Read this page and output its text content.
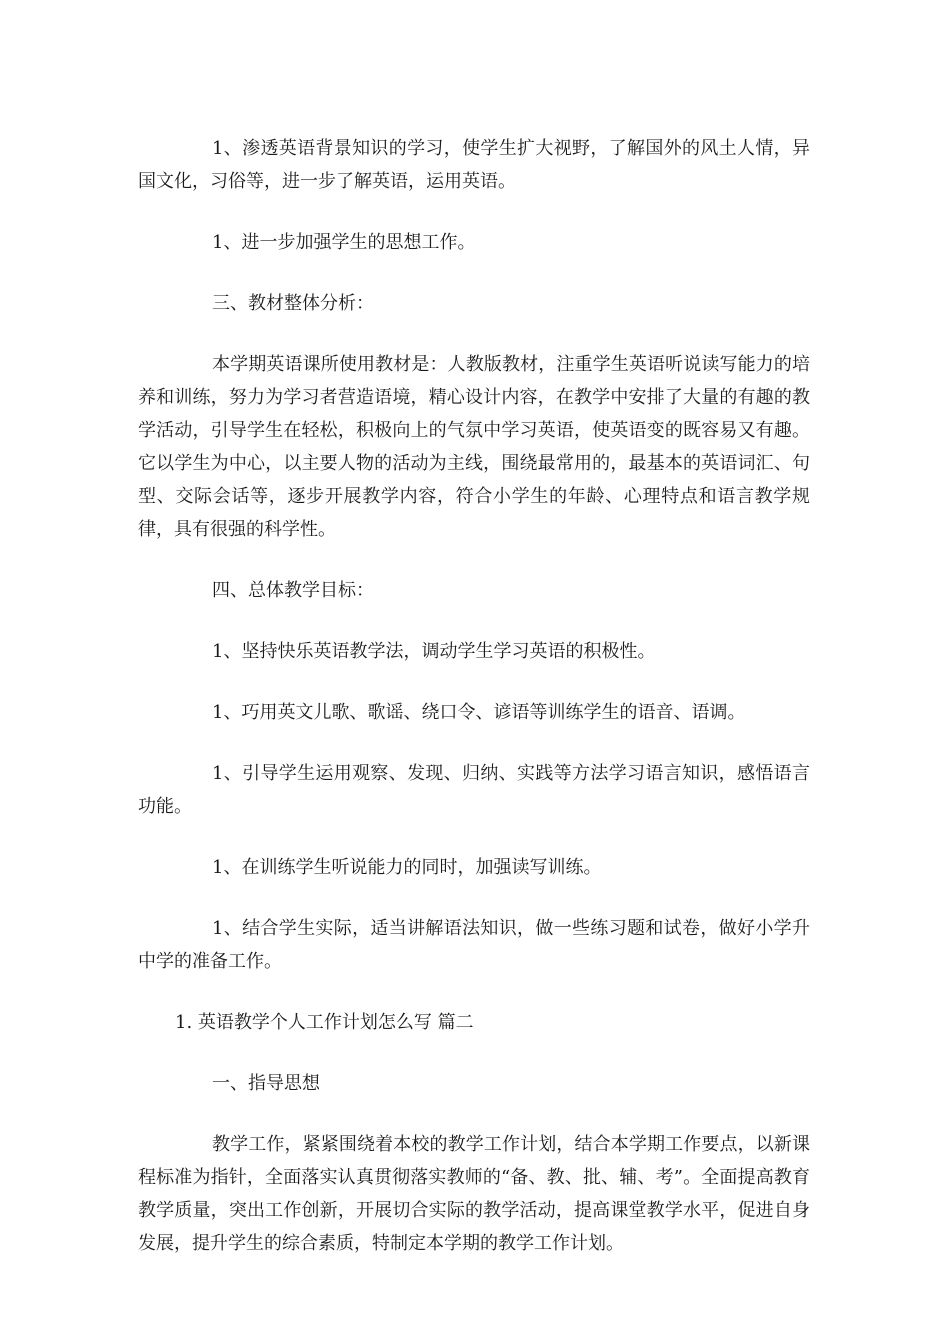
1、渗透英语背景知识的学习，使学生扩大视野，了解国外的风土人情，异国文化，习俗等，进一步了解英语，运用英语。

1、进一步加强学生的思想工作。

三、教材整体分析：

本学期英语课所使用教材是：人教版教材，注重学生英语听说读写能力的培养和训练，努力为学习者营造语境，精心设计内容，在教学中安排了大量的有趣的教学活动，引导学生在轻松，积极向上的气氛中学习英语，使英语变的既容易又有趣。它以学生为中心，以主要人物的活动为主线，围绕最常用的，最基本的英语词汇、句型、交际会话等，逐步开展教学内容，符合小学生的年龄、心理特点和语言教学规律，具有很强的科学性。

四、总体教学目标：

1、坚持快乐英语教学法，调动学生学习英语的积极性。

1、巧用英文儿歌、歌谣、绕口令、谚语等训练学生的语音、语调。

1、引导学生运用观察、发现、归纳、实践等方法学习语言知识，感悟语言功能。

1、在训练学生听说能力的同时，加强读写训练。

1、结合学生实际，适当讲解语法知识，做一些练习题和试卷，做好小学升中学的准备工作。

1. 英语教学个人工作计划怎么写 篇二

一、指导思想

教学工作，紧紧围绕着本校的教学工作计划，结合本学期工作要点，以新课程标准为指针，全面落实认真贯彻落实教师的“备、教、批、辅、考”。全面提高教育教学质量，突出工作创新，开展切合实际的教学活动，提高课堂教学水平，促进自身发展，提升学生的综合素质，特制定本学期的教学工作计划。
